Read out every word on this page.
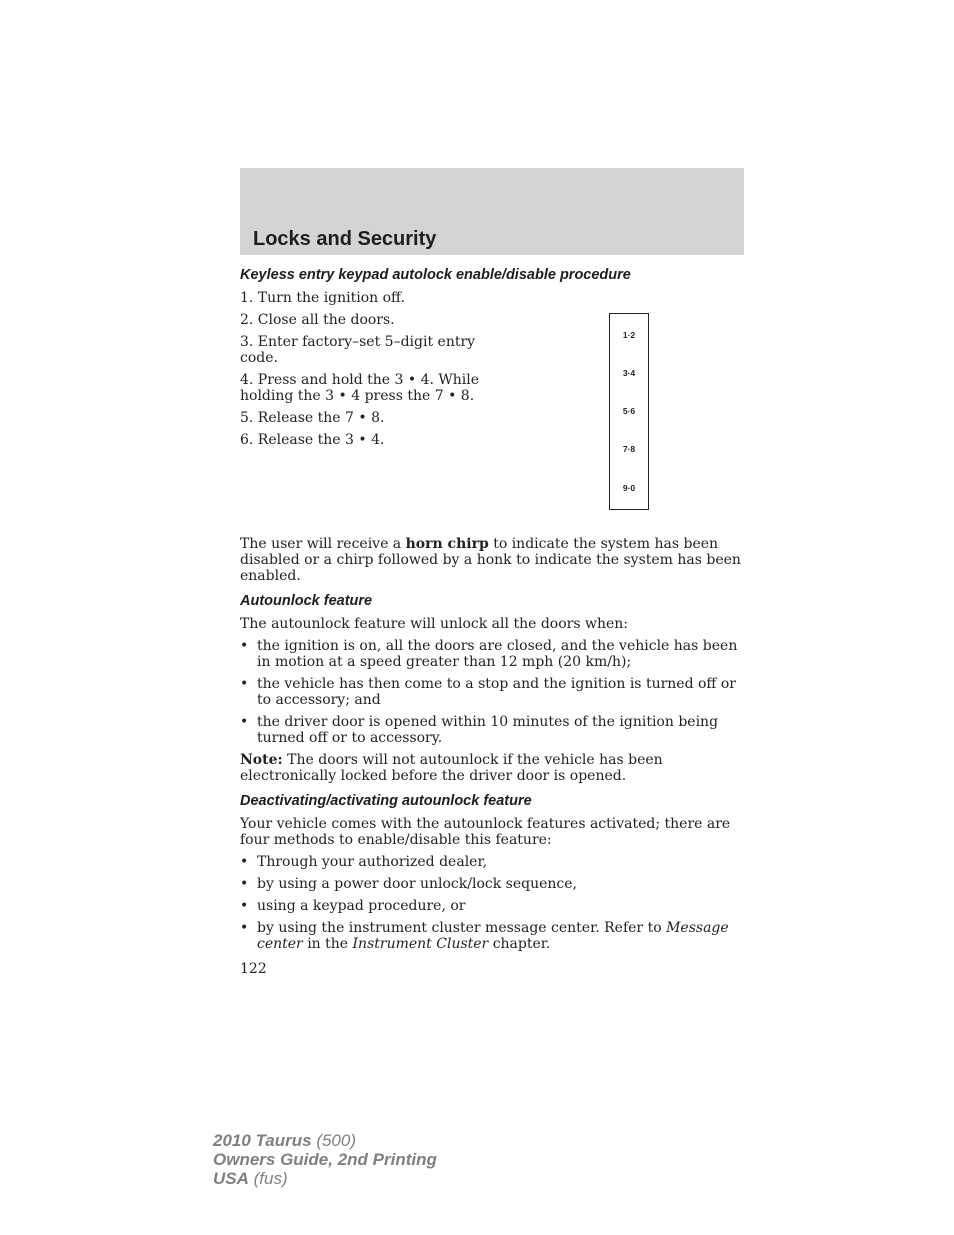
Locks and Security
1·2
3·4
5·6
7·8
9·0
Keyless entry keypad autolock enable/disable procedure

1. Turn the ignition off.

2. Close all the doors.

3. Enter factory–set 5–digit entry code.

4. Press and hold the 3 • 4. While holding the 3 • 4 press the 7 • 8.

5. Release the 7 • 8.

6. Release the 3 • 4.

The user will receive a horn chirp to indicate the system has been disabled or a chirp followed by a honk to indicate the system has been enabled.

Autounlock feature

The autounlock feature will unlock all the doors when:

• the ignition is on, all the doors are closed, and the vehicle has been in motion at a speed greater than 12 mph (20 km/h);
• the vehicle has then come to a stop and the ignition is turned off or to accessory; and
• the driver door is opened within 10 minutes of the ignition being turned off or to accessory.

Note: The doors will not autounlock if the vehicle has been electronically locked before the driver door is opened.

Deactivating/activating autounlock feature

Your vehicle comes with the autounlock features activated; there are four methods to enable/disable this feature:

• Through your authorized dealer,
• by using a power door unlock/lock sequence,
• using a keypad procedure, or
• by using the instrument cluster message center. Refer to Message center in the Instrument Cluster chapter.
122
2010 Taurus (500)
Owners Guide, 2nd Printing
USA (fus)
